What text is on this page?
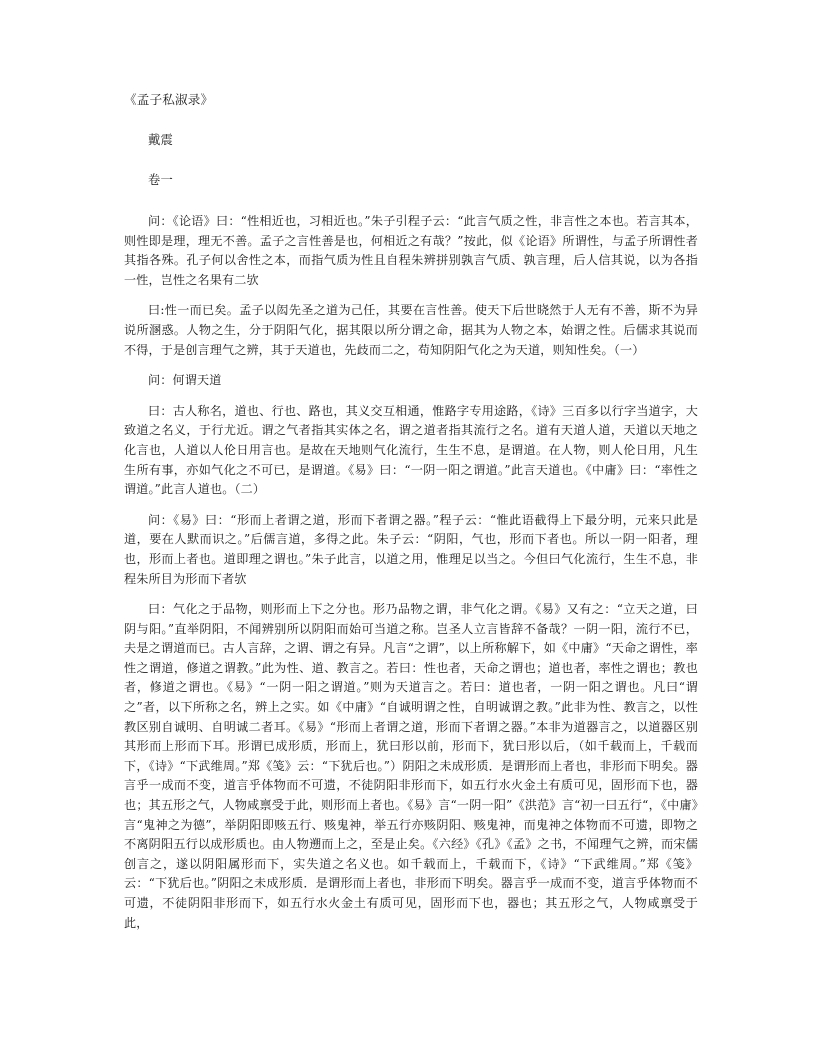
《孟子私淑录》

戴震

卷一

问：《论语》曰：“性相近也，习相近也。”朱子引程子云：“此言气质之性，非言性之本也。若言其本，则性即是理，理无不善。孟子之言性善是也，何相近之有哉？”按此，似《论语》所谓性，与孟子所谓性者其指各殊。孔子何以舍性之本，而指气质为性且自程朱辨拼别孰言气质、孰言理，后人信其说，以为各指一性，岂性之名果有二欤

曰:性一而已矣。孟子以闳先圣之道为己任，其要在言性善。使天下后世晓然于人无有不善，斯不为异说所溷惑。人物之生，分于阴阳气化，据其限以所分谓之命，据其为人物之本，始谓之性。后儒求其说而不得，于是创言理气之辨，其于天道也，先歧而二之，苟知阴阳气化之为天道，则知性矣。（一）

问：何谓天道

曰：古人称名，道也、行也、路也，其义交互相通，惟路字专用途路，《诗》三百多以行字当道字，大致道之名义，于行尤近。谓之气者指其实体之名，谓之道者指其流行之名。道有天道人道，天道以天地之化言也，人道以人伦日用言也。是故在天地则气化流行，生生不息，是谓道。在人物，则人伦日用，凡生生所有事，亦如气化之不可已，是谓道。《易》曰：“一阴一阳之谓道。”此言天道也。《中庸》曰：“率性之谓道。”此言人道也。（二）

问：《易》曰：“形而上者谓之道，形而下者谓之器。”程子云：“惟此语截得上下最分明，元来只此是道，要在人默而识之。”后儒言道，多得之此。朱子云：“阴阳，气也，形而下者也。所以一阴一阳者，理也，形而上者也。道即理之谓也。”朱子此言，以道之用，惟理足以当之。今但曰气化流行，生生不息，非程朱所目为形而下者欤

曰：气化之于品物，则形而上下之分也。形乃品物之谓，非气化之谓。《易》又有之：“立天之道，曰阴与阳。”直举阴阳，不闻辨别所以阴阳而始可当道之称。岂圣人立言皆辞不备哉？一阴一阳，流行不已，夫是之谓道而已。古人言辞，之谓、谓之有异。凡言“之谓”，以上所称解下，如《中庸》“天命之谓性，率性之谓道，修道之谓教。”此为性、道、教言之。若曰：性也者，天命之谓也；道也者，率性之谓也；教也者，修道之谓也。《易》“一阴一阳之谓道。”则为天道言之。若曰：道也者，一阴一阳之谓也。凡曰“谓之”者，以下所称之名，辨上之实。如《中庸》“自诚明谓之性，自明诚谓之教。”此非为性、教言之，以性教区别自诚明、自明诚二者耳。《易》“形而上者谓之道，形而下者谓之器。”本非为道器言之，以道器区别其形而上形而下耳。形谓已成形质，形而上，犹曰形以前，形而下，犹曰形以后，（如千载而上，千载而下，《诗》“下武维周。”郑《笺》云：“下犹后也。”）阴阳之未成形质．是谓形而上者也，非形而下明矣。器言乎一成而不变，道言乎体物而不可遗，不徒阴阳非形而下，如五行水火金土有质可见，固形而下也，器也；其五形之气，人物咸禀受于此，则形而上者也。《易》言“一阴一阳”《洪范》言“初一曰五行“，《中庸》言“鬼神之为德”，举阴阳即赅五行、赅鬼神，举五行亦赅阴阳、赅鬼神，而鬼神之体物而不可遗，即物之不离阴阳五行以成形质也。由人物遡而上之，至是止矣。《六经》《孔》《孟》之书，不闻理气之辨，而宋儒创言之，遂以阴阳属形而下，实失道之名义也。如千载而上，千载而下，《诗》“下武维周。”郑《笺》云：“下犹后也。”阴阳之未成形质．是谓形而上者也，非形而下明矣。器言乎一成而不变，道言乎体物而不可遗，不徒阴阳非形而下，如五行水火金土有质可见，固形而下也，器也；其五形之气，人物咸禀受于此，
